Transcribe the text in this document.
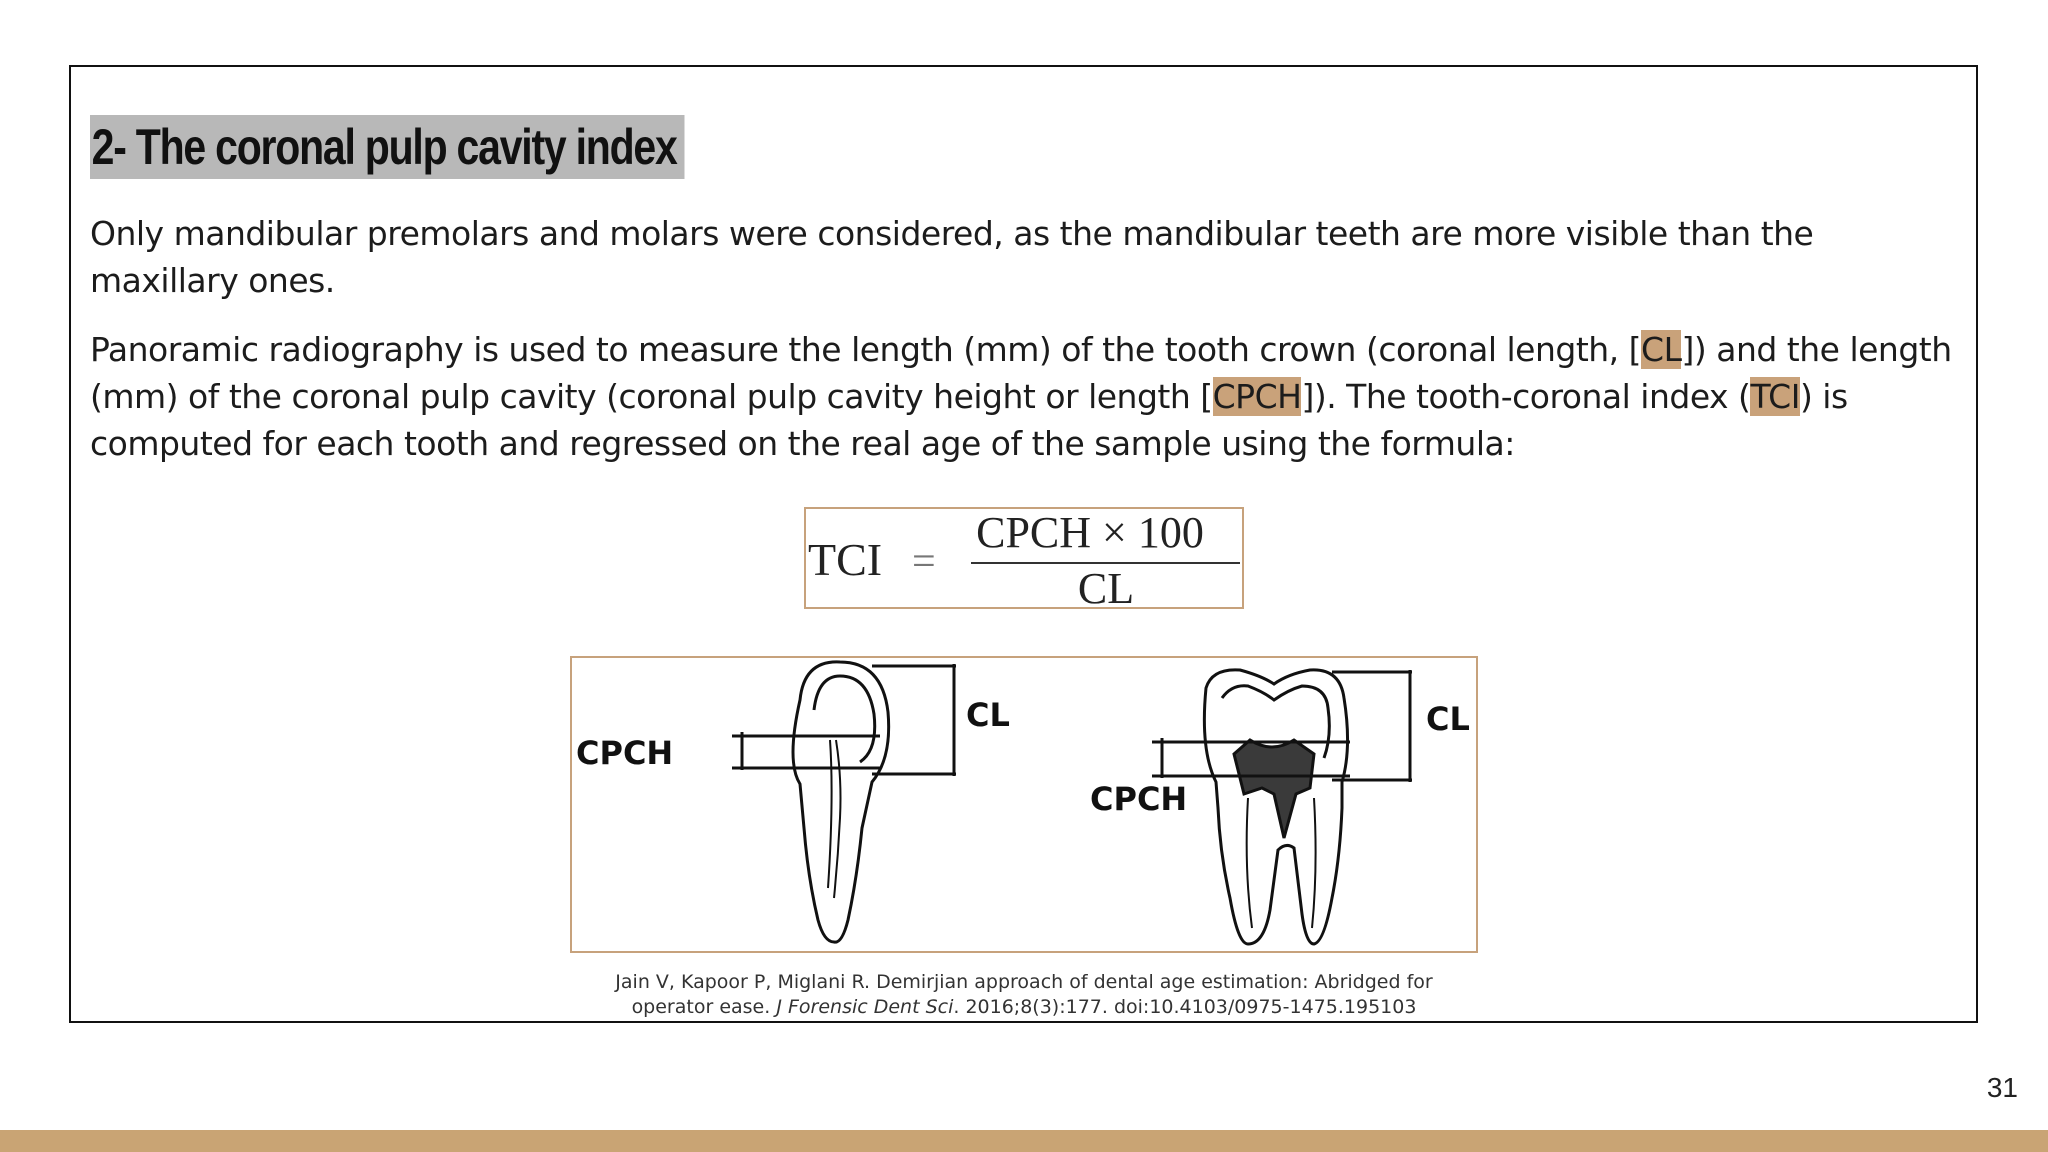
2- The coronal pulp cavity index

Only mandibular premolars and molars were considered, as the mandibular teeth are more visible than the maxillary ones.

Panoramic radiography is used to measure the length (mm) of the tooth crown (coronal length, [CL]) and the length (mm) of the coronal pulp cavity (coronal pulp cavity height or length [CPCH]). The tooth-coronal index (TCI) is computed for each tooth and regressed on the real age of the sample using the formula:

TCI =
CPCH × 100
CL
CPCH
CL
CPCH
CL
Jain V, Kapoor P, Miglani R. Demirjian approach of dental age estimation: Abridged for
operator ease. J Forensic Dent Sci. 2016;8(3):177. doi:10.4103/0975-1475.195103
31
